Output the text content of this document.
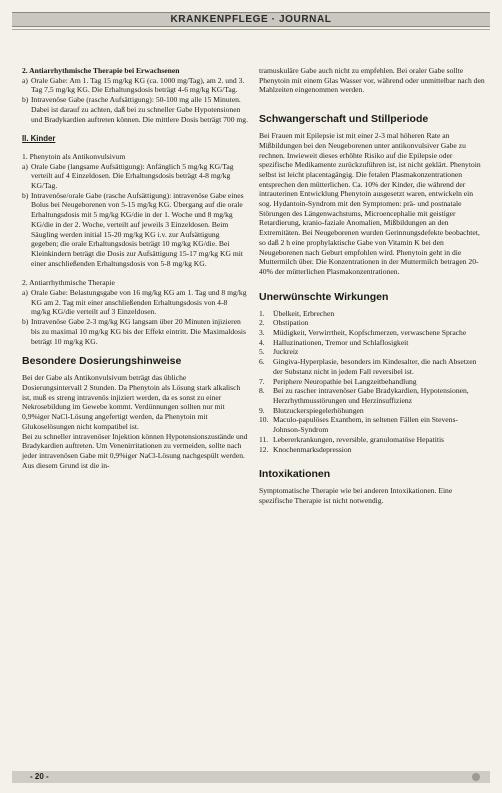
KRANKENPFLEGE · JOURNAL

2. Antiarrhythmische Therapie bei Erwachsenen

a) Orale Gabe: Am 1. Tag 15 mg/kg KG (ca. 1000 mg/Tag), am 2. und 3. Tag 7,5 mg/kg KG. Die Erhaltungsdosis beträgt 4-6 mg/kg KG/Tag.
b) Intravenöse Gabe (rasche Aufsättigung): 50-100 mg alle 15 Minuten. Dabei ist darauf zu achten, daß bei zu schneller Gabe Hypotensionen und Bradykardien auftreten können. Die mittlere Dosis beträgt 700 mg.
II. Kinder

1. Phenytoin als Antikonvulsivum

a) Orale Gabe (langsame Aufsättigung): Anfänglich 5 mg/kg KG/Tag verteilt auf 4 Einzeldosen. Die Erhaltungsdosis beträgt 4-8 mg/kg KG/Tag.
b) Intravenöse/orale Gabe (rasche Aufsättigung): intravenöse Gabe eines Bolus bei Neugeborenen von 5-15 mg/kg KG. Übergang auf die orale Erhaltungsdosis mit 5 mg/kg KG/die in der 1. Woche und 8 mg/kg KG/die in der 2. Woche, verteilt auf jeweils 3 Einzeldosen. Beim Säugling werden initial 15-20 mg/kg KG i.v. zur Aufsättigung gegeben; die orale Erhaltungsdosis beträgt 10 mg/kg KG/die. Bei Kleinkindern beträgt die Dosis zur Aufsättigung 15-17 mg/kg KG mit einer anschließenden Erhaltungsdosis von 5-8 mg/kg KG.

2. Antiarrhythmische Therapie

a) Orale Gabe: Belastungsgabe von 16 mg/kg KG am 1. Tag und 8 mg/kg KG am 2. Tag mit einer anschließenden Erhaltungsdosis von 4-8 mg/kg KG/die verteilt auf 3 Einzeldosen.
b) Intravenöse Gabe 2-3 mg/kg KG langsam über 20 Minuten injizieren bis zu maximal 10 mg/kg KG bis der Effekt eintritt. Die Maximaldosis beträgt 10 mg/kg KG.
Besondere Dosierungshinweise

Bei der Gabe als Antikonvulsivum beträgt das übliche Dosierungsintervall 2 Stunden. Da Phenytoin als Lösung stark alkalisch ist, muß es streng intravenös injiziert werden, da es sonst zu einer Nekrosebildung im Gewebe kommt. Verdünnungen sollten nur mit 0,9%iger NaCl-Lösung angefertigt werden, da Phenytoin mit Glukoselösungen nicht kompatibel ist.

Bei zu schneller intravenöser Injektion können Hypotensionszustände und Bradykardien auftreten. Um Venenirritationen zu vermeiden, sollte nach jeder intravenösen Gabe mit 0,9%iger NaCl-Lösung nachgespült werden. Aus diesem Grund ist die in-

tramuskuläre Gabe auch nicht zu empfehlen. Bei oraler Gabe sollte Phenytoin mit einem Glas Wasser vor, während oder unmittelbar nach den Mahlzeiten eingenommen werden.

Schwangerschaft und Stillperiode

Bei Frauen mit Epilepsie ist mit einer 2-3 mal höheren Rate an Mißbildungen bei den Neugeborenen unter antikonvulsiver Gabe zu rechnen. Inwieweit dieses erhöhte Risiko auf die Epilepsie oder spezifische Medikamente zurückzuführen ist, ist nicht geklärt. Phenytoin selbst ist leicht placentagängig. Die fetalen Plasmakonzentrationen entsprechen den mütterlichen. Ca. 10% der Kinder, die während der intrauterinen Entwicklung Phenytoin ausgesetzt waren, entwickeln ein sog. Hydantoin-Syndrom mit den Symptomen: prä- und postnatale Störungen des Längenwachstums, Microencephalie mit geistiger Retardierung, kranio-faziale Anomalien, Mißbildungen an den Extremitäten. Bei Neugeborenen wurden Gerinnungsdefekte beobachtet, so daß 2 h eine prophylaktische Gabe von Vitamin K bei den Neugeborenen nach Geburt empfohlen wird. Phenytoin geht in die Muttermilch über. Die Konzentrationen in der Muttermilch betragen 20-40% der mütterlichen Plasmakonzentrationen.

Unerwünschte Wirkungen
1.	Übelkeit, Erbrechen
2.	Obstipation
3.	Müdigkeit, Verwirrtheit, Kopfschmerzen, verwaschene Sprache
4.	Halluzinationen, Tremor und Schlaflosigkeit
5.	Juckreiz
6.	Gingiva-Hyperplasie, besonders im Kindesalter, die nach Absetzen der Substanz nicht in jedem Fall reversibel ist.
7.	Periphere Neuropathie bei Langzeitbehandlung
8.	Bei zu rascher intravenöser Gabe Bradykardien, Hypotensionen, Herzrhythmusstörungen und Herzinsuffizienz
9.	Blutzuckerspiegelerhöhungen
10. Maculo-papulöses Exanthem, in seltenen Fällen ein Stevens-Johnson-Syndrom
11. Lebererkrankungen, reversible, granulomatöse Hepatitis
12. Knochenmarksdepression
Intoxikationen

Symptomatische Therapie wie bei anderen Intoxikationen. Eine spezifische Therapie ist nicht notwendig.

- 20 -
